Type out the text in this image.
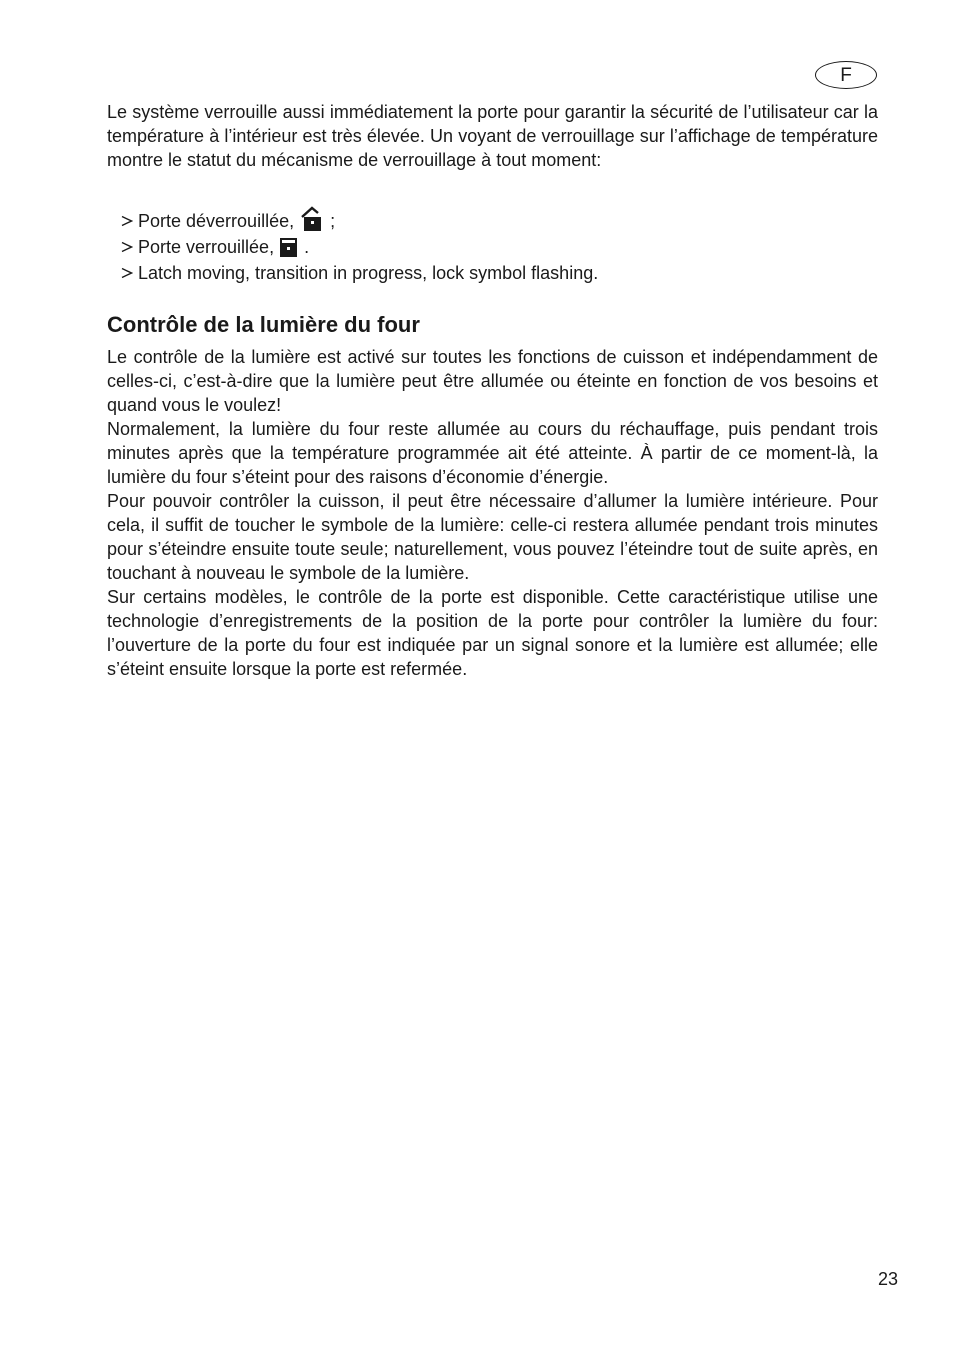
F

Le système verrouille aussi immédiatement la porte pour garantir la sécurité de l’utilisateur car la température à l’intérieur est très élevée. Un voyant de verrouillage sur l’affichage de température montre le statut du mécanisme de verrouillage à tout moment:

Porte déverrouillée, ;
Porte verrouillée, .
Latch moving, transition in progress, lock symbol flashing.
Contrôle de la lumière du four

Le contrôle de la lumière est activé sur toutes les fonctions de cuisson et indépendamment de celles-ci, c’est-à-dire que la lumière peut être allumée ou éteinte en fonction de vos besoins et quand vous le voulez!

Normalement, la lumière du four reste allumée au cours du réchauffage, puis pendant trois minutes après que la température programmée ait été atteinte. À partir de ce moment-là, la lumière du four s’éteint pour des raisons d’économie d’énergie.

Pour pouvoir contrôler la cuisson, il peut être nécessaire d’allumer la lumière intérieure. Pour cela, il suffit de toucher le symbole de la lumière: celle-ci restera allumée pendant trois minutes pour s’éteindre ensuite toute seule; naturellement, vous pouvez l’éteindre tout de suite après, en touchant à nouveau le symbole de la lumière.

Sur certains modèles, le contrôle de la porte est disponible. Cette caractéristique utilise une technologie d’enregistrements de la position de la porte pour contrôler la lumière du four: l’ouverture de la porte du four est indiquée par un signal sonore et la lumière est allumée; elle s’éteint ensuite lorsque la porte est refermée.

23
